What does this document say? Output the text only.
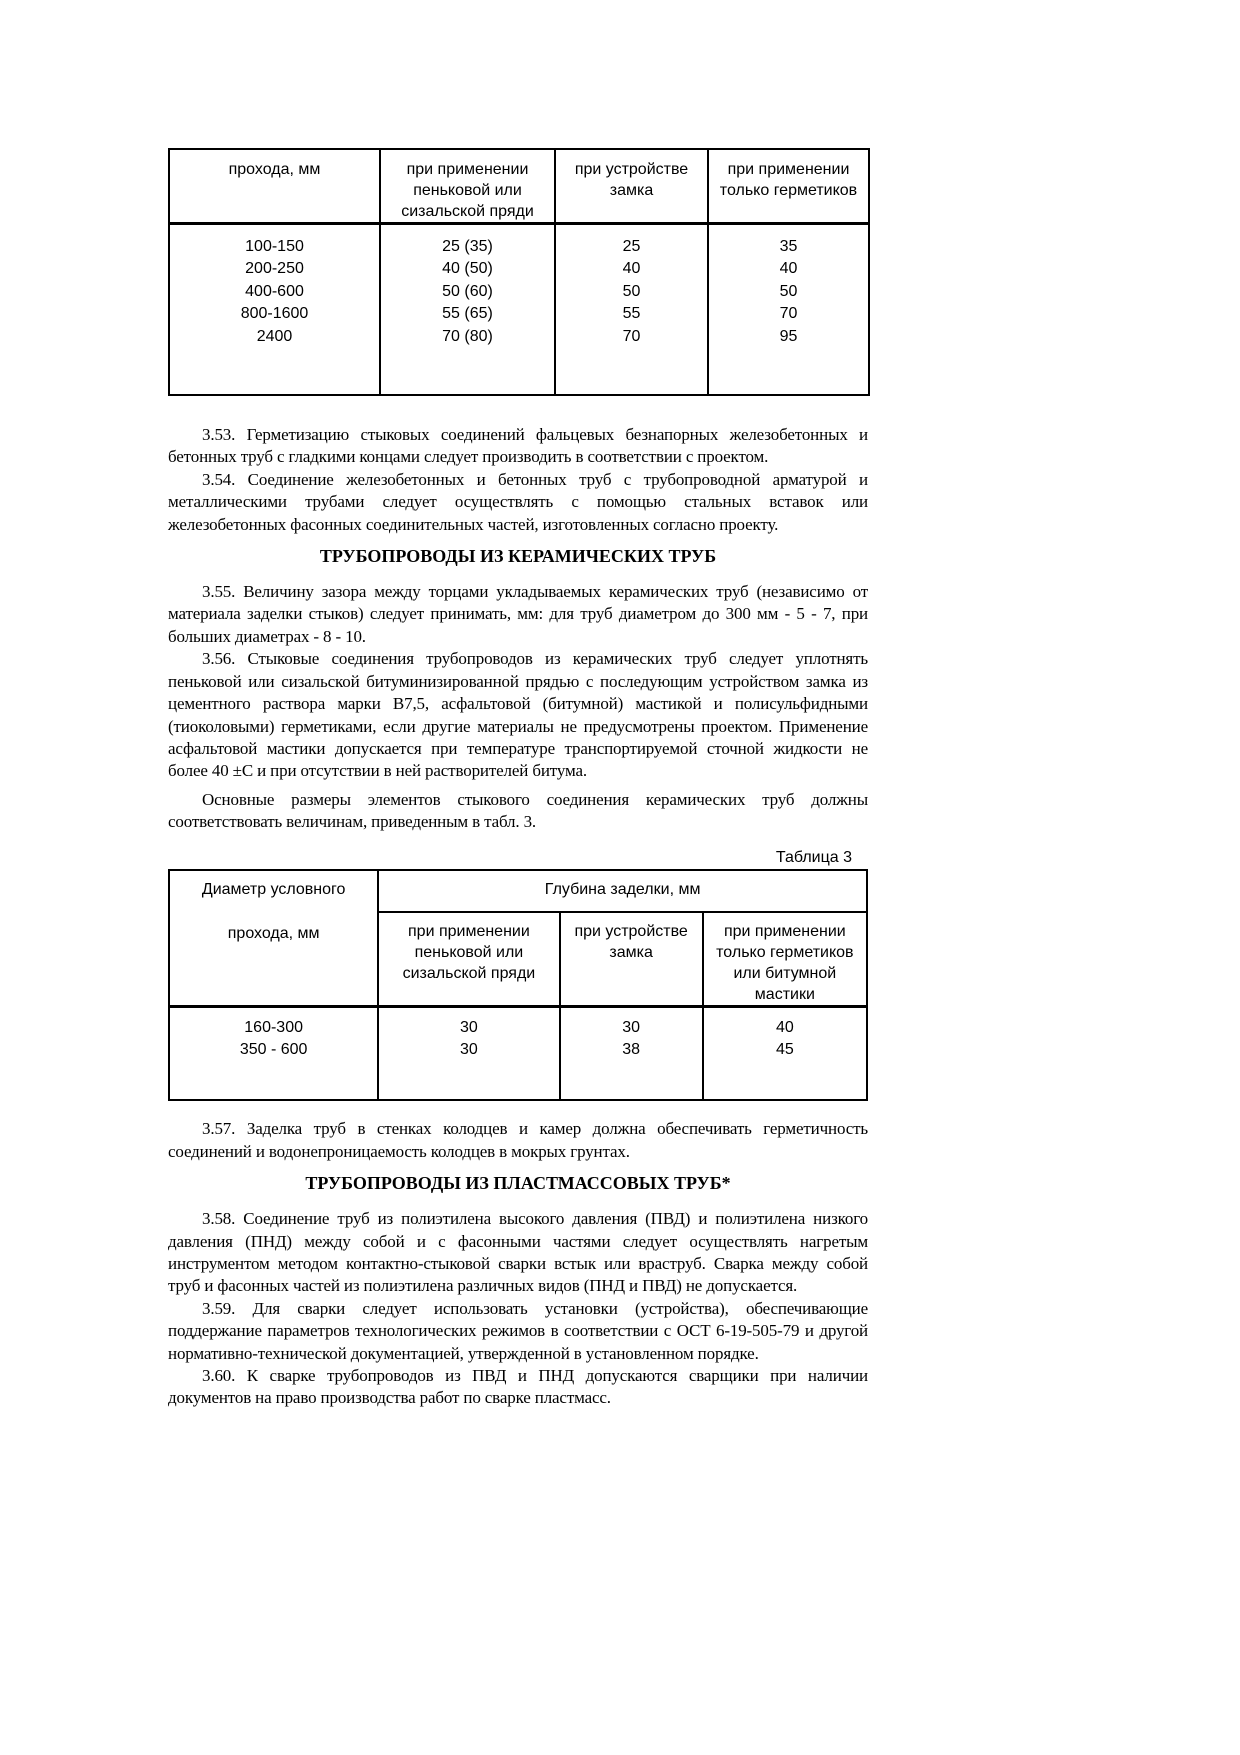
прохода, мм	при применении пеньковой или сизальской пряди	при устройстве замка	при применении только герметиков
100-150	25 (35)	25	35
200-250	40 (50)	40	40
400-600	50 (60)	50	50
800-1600	55 (65)	55	70
2400	70 (80)	70	95

3.53. Герметизацию стыковых соединений фальцевых безнапорных железобетонных и бетонных труб с гладкими концами следует производить в соответствии с проектом.

3.54. Соединение железобетонных и бетонных труб с трубопроводной арматурой и металлическими трубами следует осуществлять с помощью стальных вставок или железобетонных фасонных соединительных частей, изготовленных согласно проекту.

ТРУБОПРОВОДЫ ИЗ КЕРАМИЧЕСКИХ ТРУБ

3.55. Величину зазора между торцами укладываемых керамических труб (независимо от материала заделки стыков) следует принимать, мм: для труб диаметром до 300 мм - 5 - 7, при больших диаметрах - 8 - 10.

3.56. Стыковые соединения трубопроводов из керамических труб следует уплотнять пеньковой или сизальской битуминизированной прядью с последующим устройством замка из цементного раствора марки В7,5, асфальтовой (битумной) мастикой и полисульфидными (тиоколовыми) герметиками, если другие материалы не предусмотрены проектом. Применение асфальтовой мастики допускается при температуре транспортируемой сточной жидкости не более 40 ±С и при отсутствии в ней растворителей битума.

Основные размеры элементов стыкового соединения керамических труб должны соответствовать величинам, приведенным в табл. 3.

Таблица 3
Диаметр условного
прохода, мм	Глубина заделки, мм		
	при применении пеньковой или сизальской пряди	при устройстве замка	при применении только герметиков или битумной мастики
160-300	30	30	40
350 - 600	30	38	45

3.57. Заделка труб в стенках колодцев и камер должна обеспечивать герметичность соединений и водонепроницаемость колодцев в мокрых грунтах.

ТРУБОПРОВОДЫ ИЗ ПЛАСТМАССОВЫХ ТРУБ*

3.58. Соединение труб из полиэтилена высокого давления (ПВД) и полиэтилена низкого давления (ПНД) между собой и с фасонными частями следует осуществлять нагретым инструментом методом контактно-стыковой сварки встык или враструб. Сварка между собой труб и фасонных частей из полиэтилена различных видов (ПНД и ПВД) не допускается.

3.59. Для сварки следует использовать установки (устройства), обеспечивающие поддержание параметров технологических режимов в соответствии с ОСТ 6-19-505-79 и другой нормативно-технической документацией, утвержденной в установленном порядке.

3.60. К сварке трубопроводов из ПВД и ПНД допускаются сварщики при наличии документов на право производства работ по сварке пластмасс.
